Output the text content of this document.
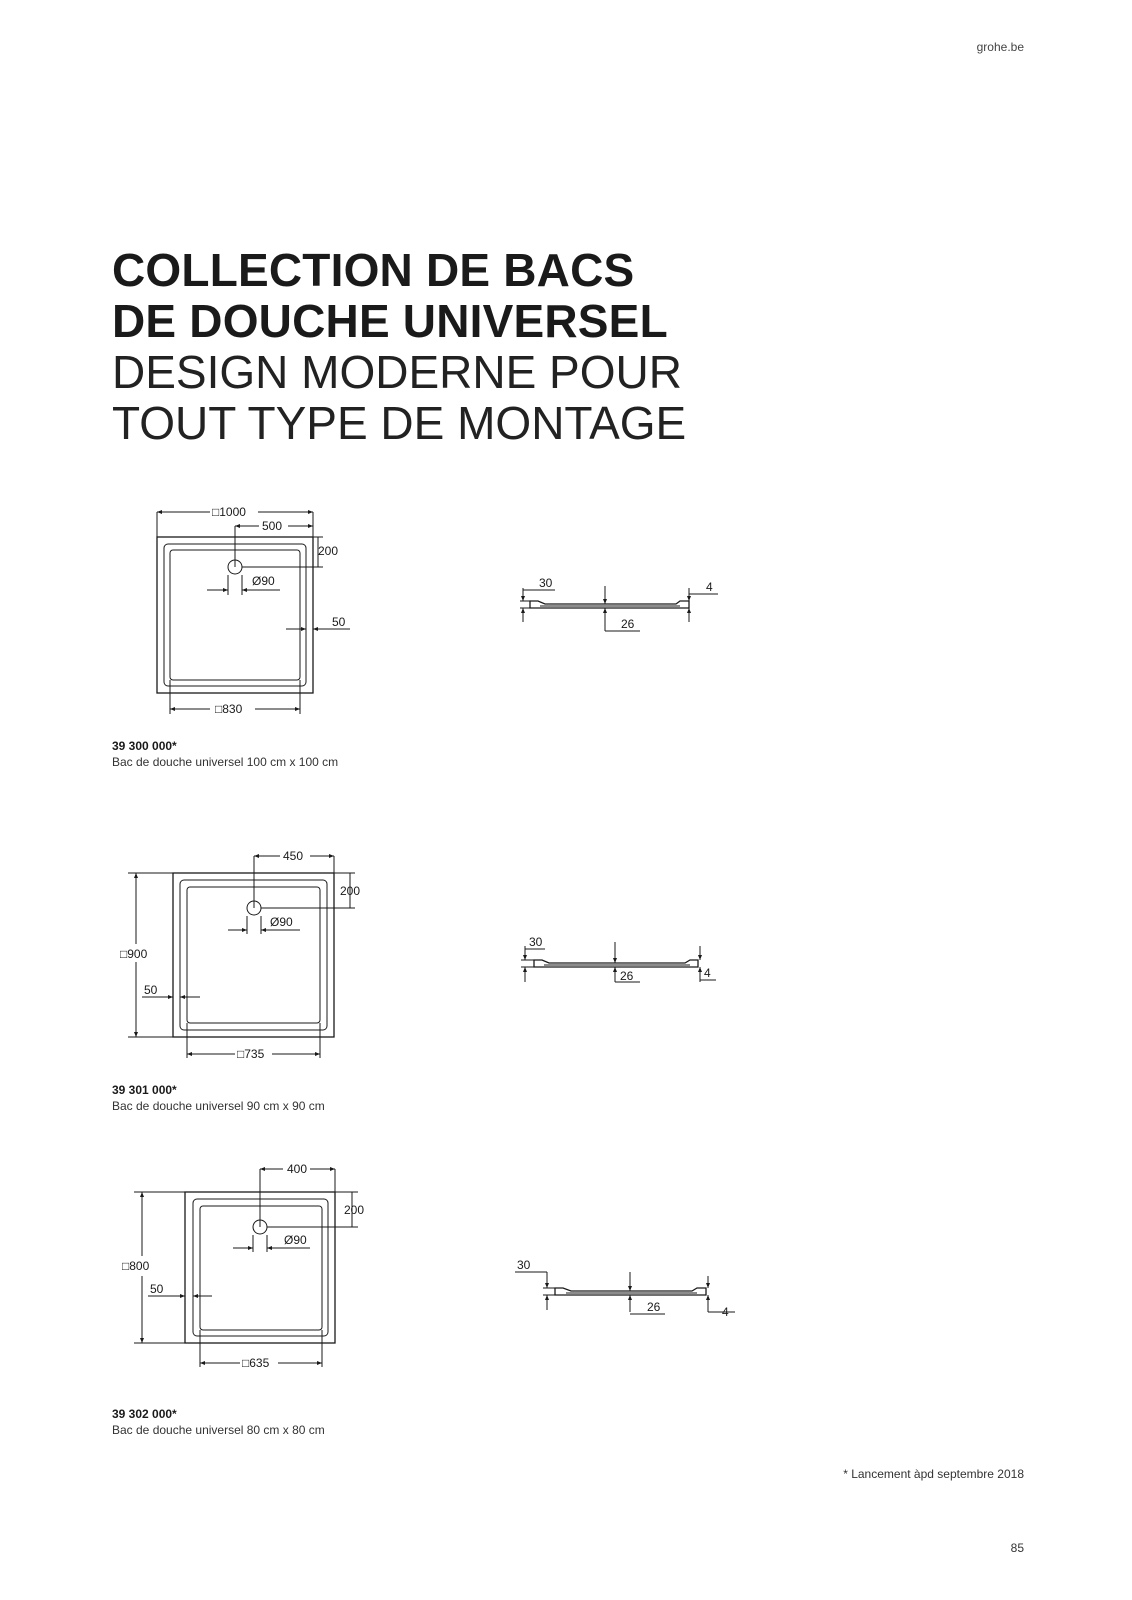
grohe.be
COLLECTION DE BACS
DE DOUCHE UNIVERSEL
DESIGN MODERNE POUR
TOUT TYPE DE MONTAGE
□1000
500
200
Ø90
50
□830
30
26
4
450
200
Ø90
□900
50
□735
30
26	4
400
200
Ø90
□800
50
□635
30
26	4
39 300 000*
Bac de douche universel 100 cm x 100 cm
39 301 000*
Bac de douche universel 90 cm x 90 cm
39 302 000*
Bac de douche universel 80 cm x 80 cm
* Lancement àpd septembre 2018
85
